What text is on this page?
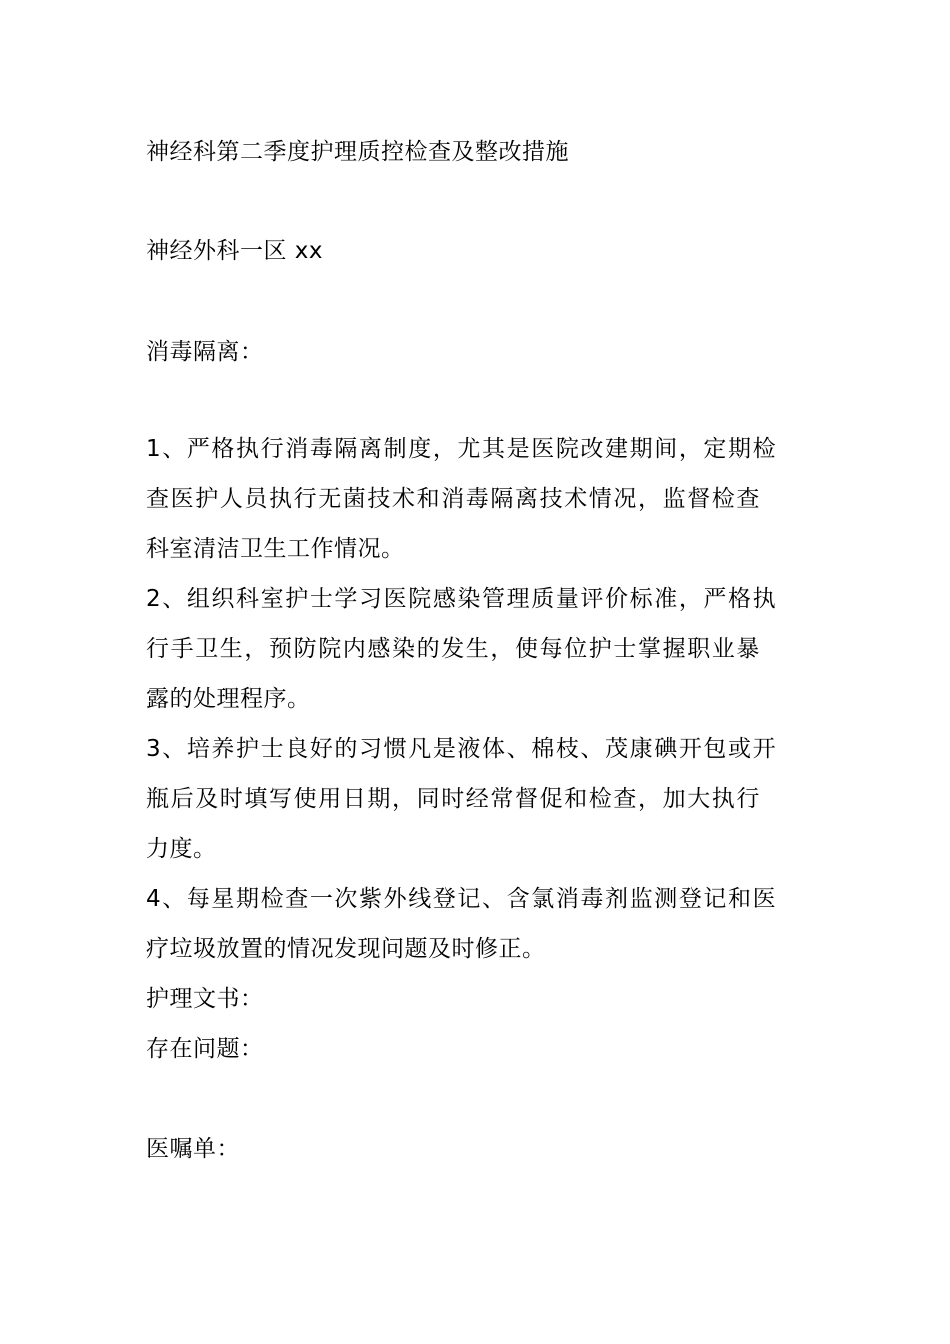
神经科第二季度护理质控检查及整改措施
神经外科一区 xx
消毒隔离：
1、严格执行消毒隔离制度，尤其是医院改建期间，定期检
查医护人员执行无菌技术和消毒隔离技术情况，监督检查
科室清洁卫生工作情况。
2、组织科室护士学习医院感染管理质量评价标准，严格执
行手卫生，预防院内感染的发生，使每位护士掌握职业暴
露的处理程序。
3、培养护士良好的习惯凡是液体、棉枝、茂康碘开包或开
瓶后及时填写使用日期，同时经常督促和检查，加大执行
力度。
4、每星期检查一次紫外线登记、含氯消毒剂监测登记和医
疗垃圾放置的情况发现问题及时修正。
护理文书：
存在问题：
医嘱单：
